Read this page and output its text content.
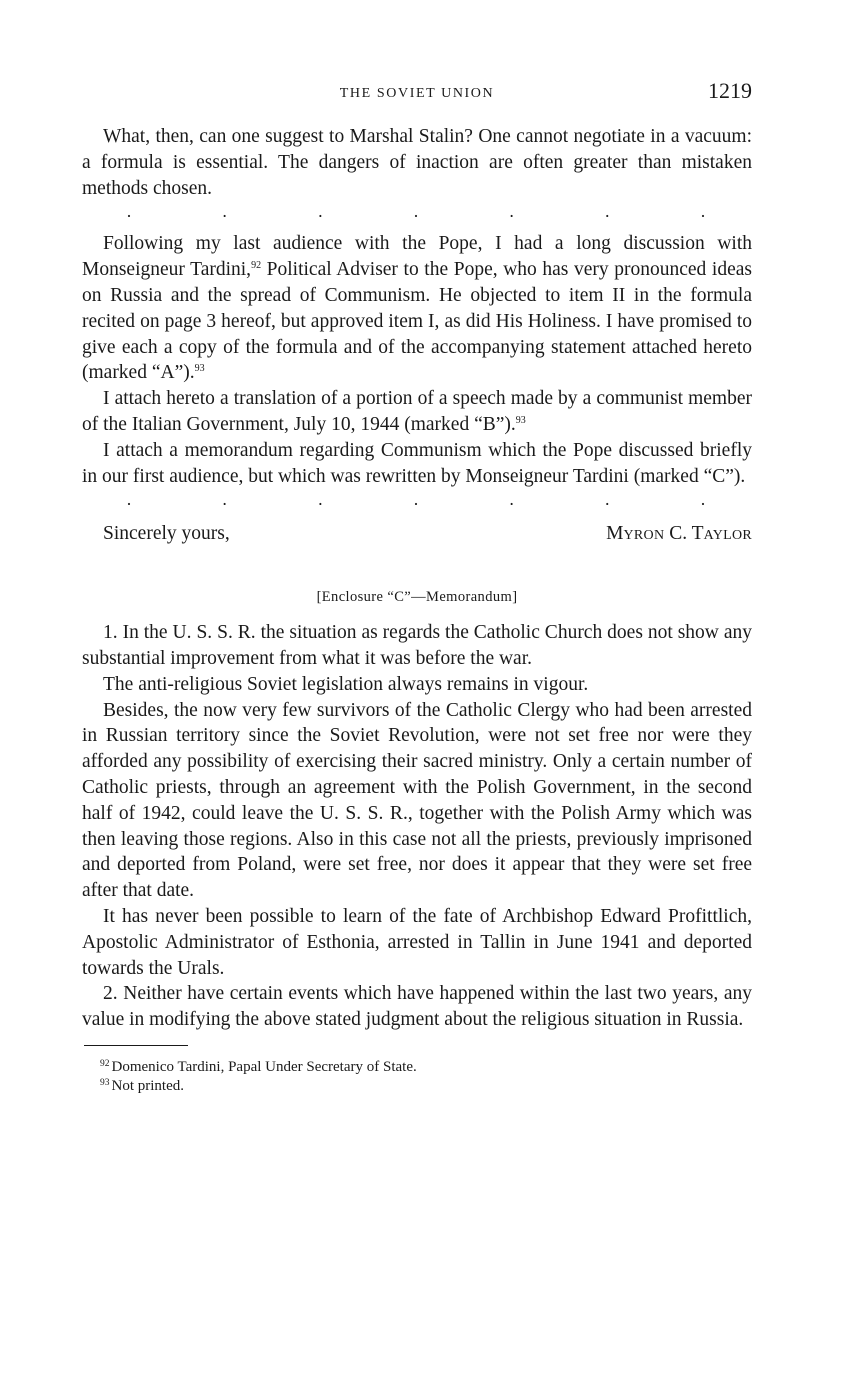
THE SOVIET UNION	1219

What, then, can one suggest to Marshal Stalin? One cannot negotiate in a vacuum: a formula is essential. The dangers of inaction are often greater than mistaken methods chosen.

·	·	·	·	·	·	·

Following my last audience with the Pope, I had a long discussion with Monseigneur Tardini,$^{92}$ Political Adviser to the Pope, who has very pronounced ideas on Russia and the spread of Communism. He objected to item II in the formula recited on page 3 hereof, but approved item I, as did His Holiness. I have promised to give each a copy of the formula and of the accompanying statement attached hereto (marked “A”).$^{93}$

I attach hereto a translation of a portion of a speech made by a communist member of the Italian Government, July 10, 1944 (marked “B”).$^{93}$

I attach a memorandum regarding Communism which the Pope discussed briefly in our first audience, but which was rewritten by Monseigneur Tardini (marked “C”).

·	·	·	·	·	·	·
Sincerely yours,	MYRON C. TAYLOR
[Enclosure “C”—Memorandum]

1. In the U. S. S. R. the situation as regards the Catholic Church does not show any substantial improvement from what it was before the war.

The anti-religious Soviet legislation always remains in vigour.

Besides, the now very few survivors of the Catholic Clergy who had been arrested in Russian territory since the Soviet Revolution, were not set free nor were they afforded any possibility of exercising their sacred ministry. Only a certain number of Catholic priests, through an agreement with the Polish Government, in the second half of 1942, could leave the U. S. S. R., together with the Polish Army which was then leaving those regions. Also in this case not all the priests, previously imprisoned and deported from Poland, were set free, nor does it appear that they were set free after that date.

It has never been possible to learn of the fate of Archbishop Edward Profittlich, Apostolic Administrator of Esthonia, arrested in Tallin in June 1941 and deported towards the Urals.

2. Neither have certain events which have happened within the last two years, any value in modifying the above stated judgment about the religious situation in Russia.

$^{92}$ Domenico Tardini, Papal Under Secretary of State.
$^{93}$ Not printed.
